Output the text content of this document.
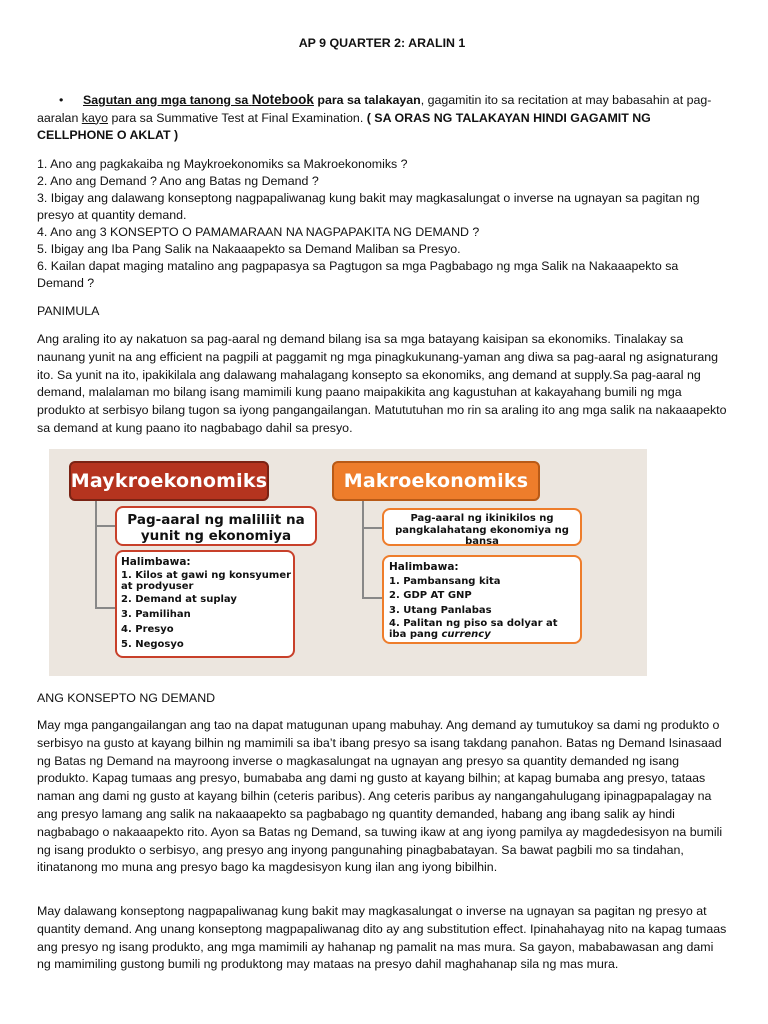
AP 9 QUARTER 2: ARALIN 1
• Sagutan ang mga tanong sa Notebook para sa talakayan, gagamitin ito sa recitation at may babasahin at pag-aaralan kayo para sa Summative Test at Final Examination. ( SA ORAS NG TALAKAYAN HINDI GAGAMIT NG CELLPHONE O AKLAT )
1. Ano ang pagkakaiba ng Maykroekonomiks sa Makroekonomiks ?
2. Ano ang Demand ? Ano ang Batas ng Demand ?
3. Ibigay ang dalawang konseptong nagpapaliwanag kung bakit may magkasalungat o inverse na ugnayan sa pagitan ng presyo at quantity demand.
4. Ano ang 3 KONSEPTO O PAMAMARAAN NA NAGPAPAKITA NG DEMAND ?
5. Ibigay ang Iba Pang Salik na Nakaaapekto sa Demand Maliban sa Presyo.
6. Kailan dapat maging matalino ang pagpapasya sa Pagtugon sa mga Pagbabago ng mga Salik na Nakaaapekto sa Demand ?
PANIMULA
Ang araling ito ay nakatuon sa pag-aaral ng demand bilang isa sa mga batayang kaisipan sa ekonomiks. Tinalakay sa naunang yunit na ang efficient na pagpili at paggamit ng mga pinagkukunang-yaman ang diwa sa pag-aaral ng asignaturang ito. Sa yunit na ito, ipakikilala ang dalawang mahalagang konsepto sa ekonomiks, ang demand at supply.Sa pag-aaral ng demand, malalaman mo bilang isang mamimili kung paano maipakikita ang kagustuhan at kakayahang bumili ng mga produkto at serbisyo bilang tugon sa iyong pangangailangan. Matututuhan mo rin sa araling ito ang mga salik na nakaaapekto sa demand at kung paano ito nagbabago dahil sa presyo.
Maykroekonomiks	Makroekonomiks
Pag-aaral ng maliliit na yunit ng ekonomiya
Halimbawa:
1. Kilos at gawi ng konsyumer
at prodyuser
2. Demand at suplay
3. Pamilihan
4. Presyo
5. Negosyo
Pag-aaral ng ikinikilos ng pangkalahatang ekonomiya ng bansa
Halimbawa:
1. Pambansang kita
2. GDP AT GNP
3. Utang Panlabas
4. Palitan ng piso sa dolyar at
iba pang currency
ANG KONSEPTO NG DEMAND
May mga pangangailangan ang tao na dapat matugunan upang mabuhay. Ang demand ay tumutukoy sa dami ng produkto o serbisyo na gusto at kayang bilhin ng mamimili sa iba’t ibang presyo sa isang takdang panahon. Batas ng Demand Isinasaad ng Batas ng Demand na mayroong inverse o magkasalungat na ugnayan ang presyo sa quantity demanded ng isang produkto. Kapag tumaas ang presyo, bumababa ang dami ng gusto at kayang bilhin; at kapag bumaba ang presyo, tataas naman ang dami ng gusto at kayang bilhin (ceteris paribus). Ang ceteris paribus ay nangangahulugang ipinagpapalagay na ang presyo lamang ang salik na nakaaapekto sa pagbabago ng quantity demanded, habang ang ibang salik ay hindi nagbabago o nakaaapekto rito. Ayon sa Batas ng Demand, sa tuwing ikaw at ang iyong pamilya ay magdedesisyon na bumili ng isang produkto o serbisyo, ang presyo ang inyong pangunahing pinagbabatayan. Sa bawat pagbili mo sa tindahan, itinatanong mo muna ang presyo bago ka magdesisyon kung ilan ang iyong bibilhin.
May dalawang konseptong nagpapaliwanag kung bakit may magkasalungat o inverse na ugnayan sa pagitan ng presyo at quantity demand. Ang unang konseptong magpapaliwanag dito ay ang substitution effect. Ipinahahayag nito na kapag tumaas ang presyo ng isang produkto, ang mga mamimili ay hahanap ng pamalit na mas mura. Sa gayon, mababawasan ang dami ng mamimiling gustong bumili ng produktong may mataas na presyo dahil maghahanap sila ng mas mura.
